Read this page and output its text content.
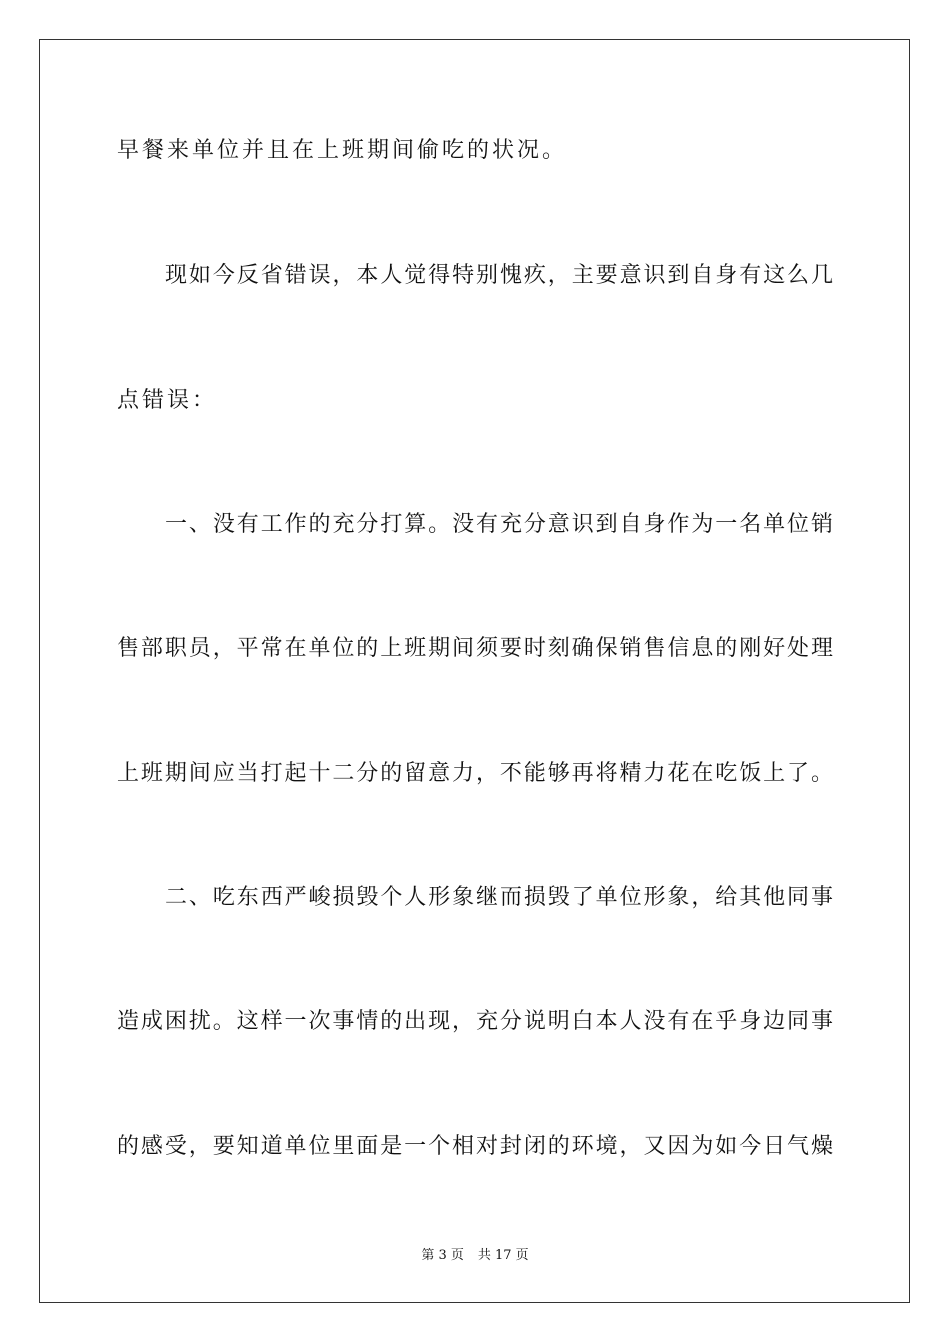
早餐来单位并且在上班期间偷吃的状况。
现如今反省错误，本人觉得特别愧疚，主要意识到自身有这么几
点错误：
一、没有工作的充分打算。没有充分意识到自身作为一名单位销
售部职员，平常在单位的上班期间须要时刻确保销售信息的刚好处理
上班期间应当打起十二分的留意力，不能够再将精力花在吃饭上了。
二、吃东西严峻损毁个人形象继而损毁了单位形象，给其他同事
造成困扰。这样一次事情的出现，充分说明白本人没有在乎身边同事
的感受，要知道单位里面是一个相对封闭的环境，又因为如今日气燥
第 3 页 共 17 页
